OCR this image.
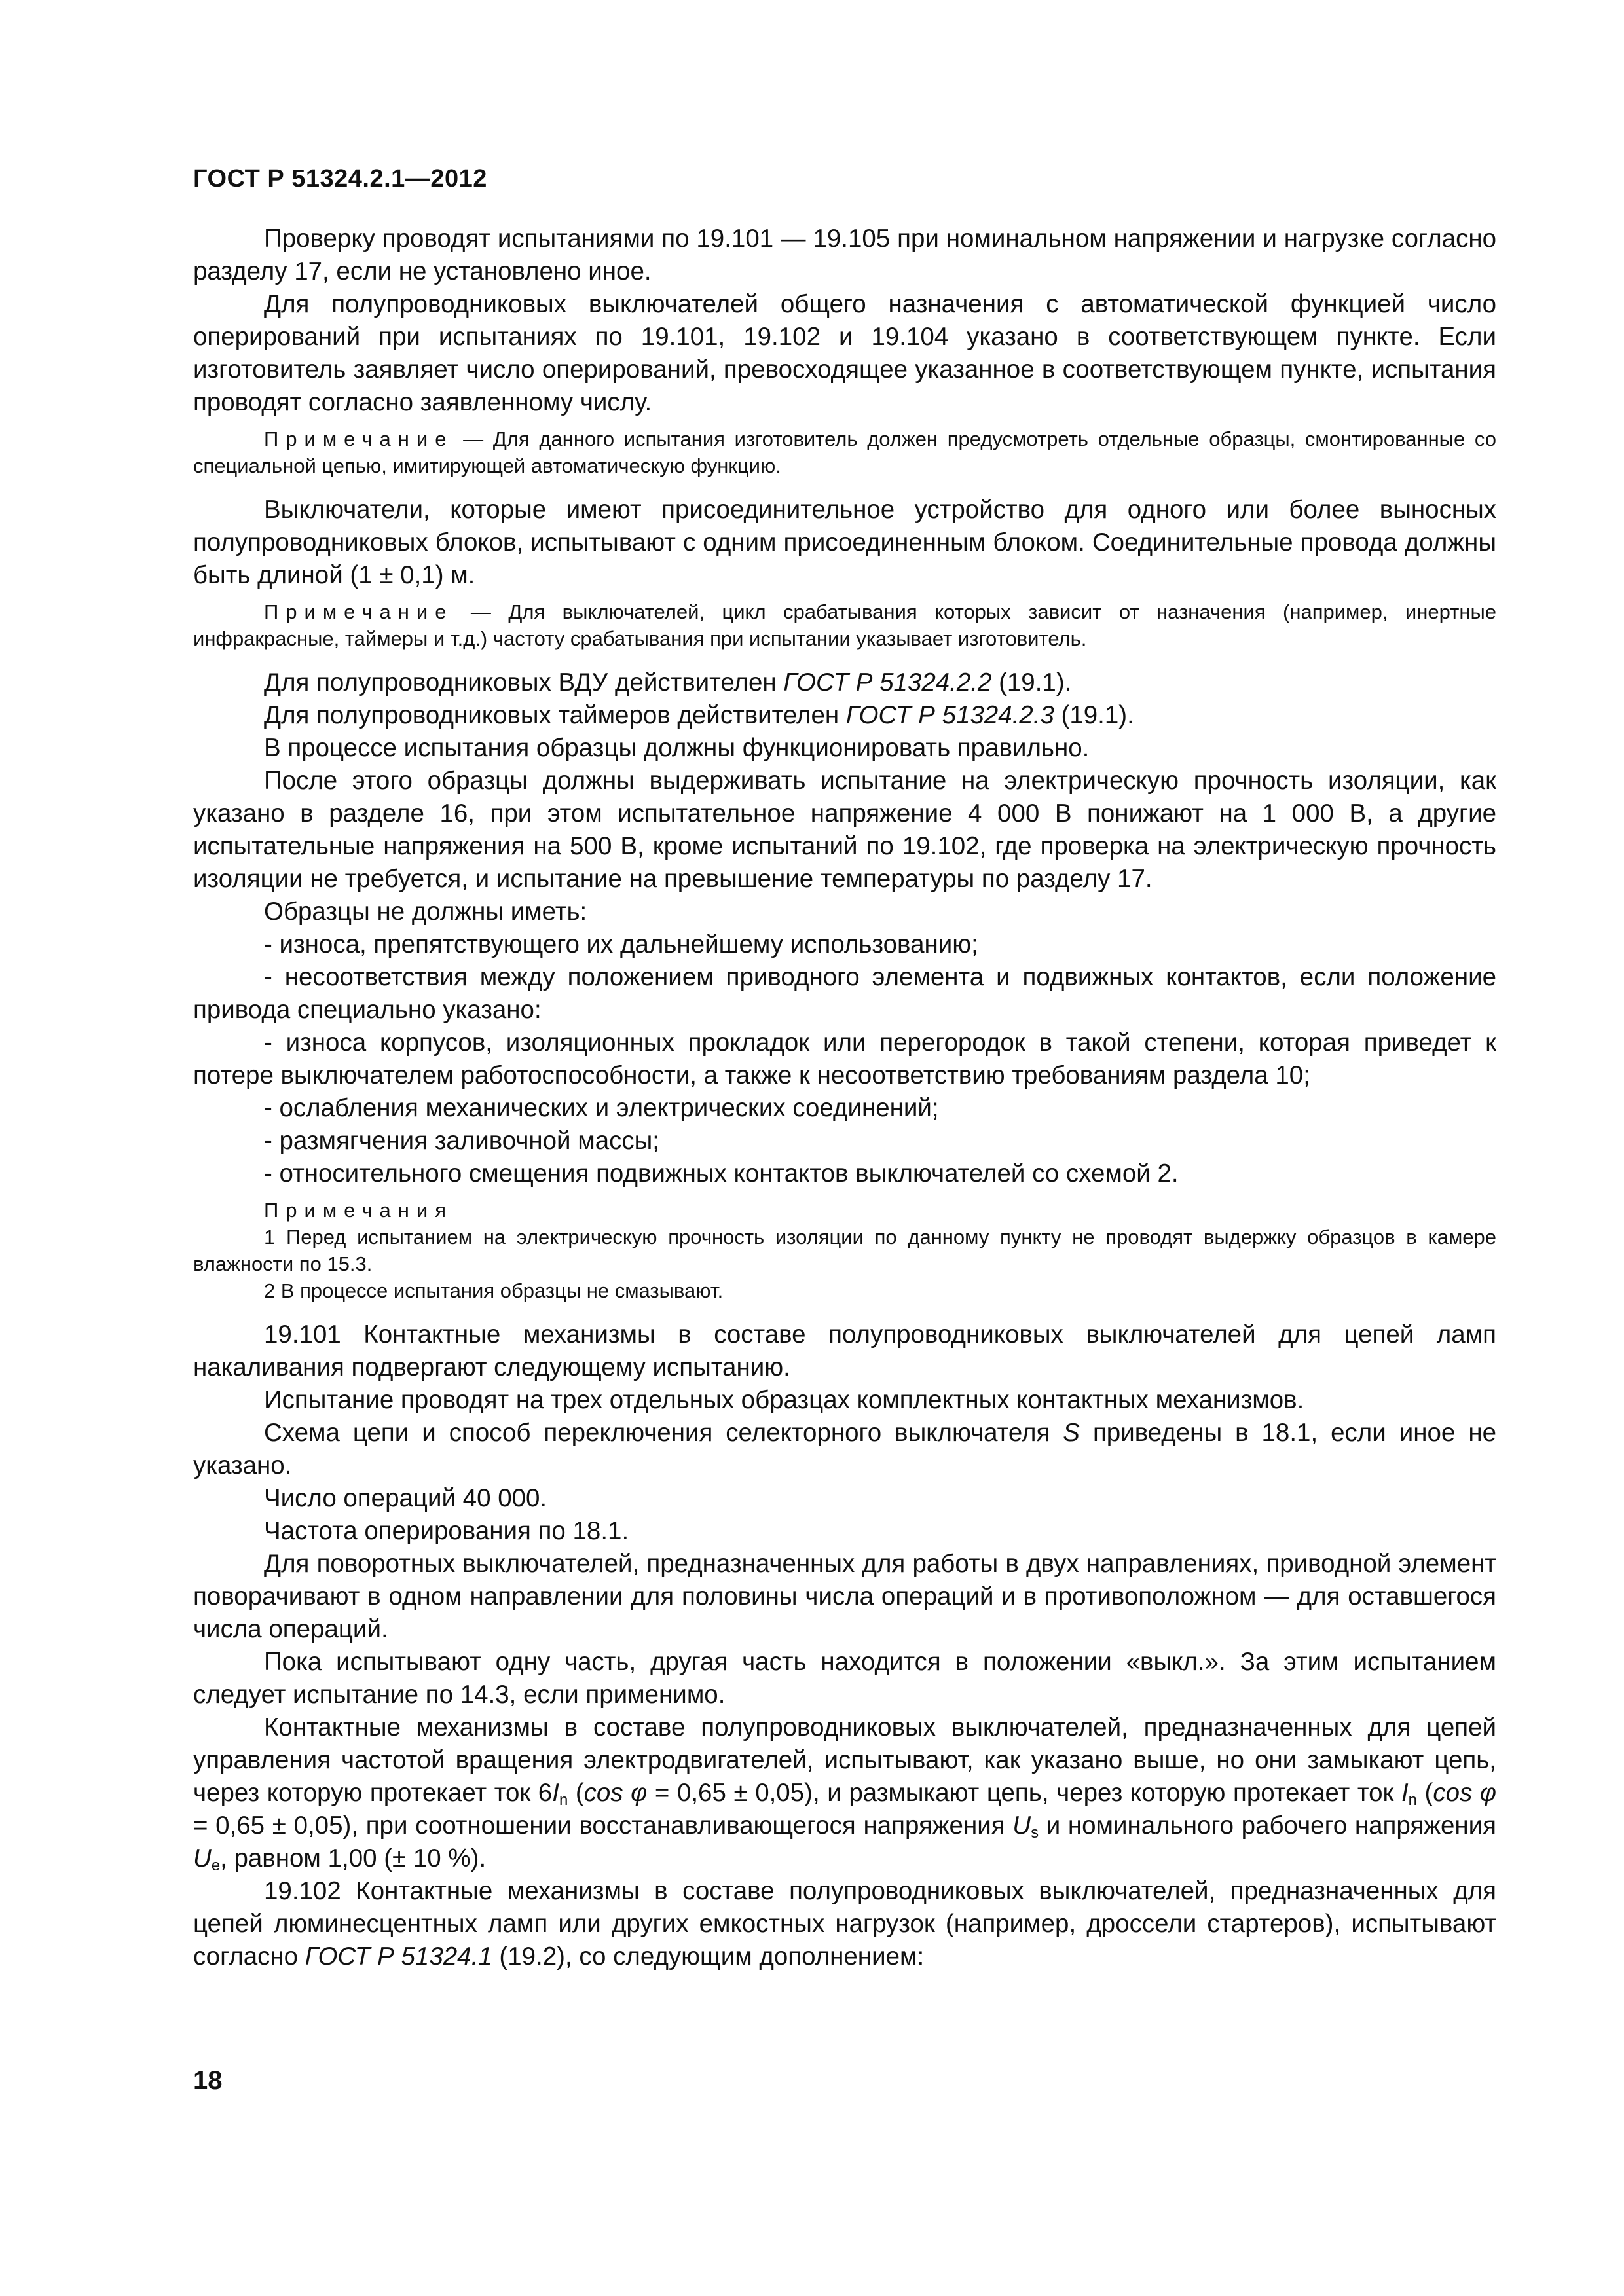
ГОСТ Р 51324.2.1—2012

Проверку проводят испытаниями по 19.101 — 19.105 при номинальном напряжении и нагрузке согласно разделу 17, если не установлено иное.

Для полупроводниковых выключателей общего назначения с автоматической функцией число оперирований при испытаниях по 19.101, 19.102 и 19.104 указано в соответствующем пункте. Если изготовитель заявляет число оперирований, превосходящее указанное в соответствующем пункте, испытания проводят согласно заявленному числу.

Примечание — Для данного испытания изготовитель должен предусмотреть отдельные образцы, смонтированные со специальной цепью, имитирующей автоматическую функцию.

Выключатели, которые имеют присоединительное устройство для одного или более выносных полупроводниковых блоков, испытывают с одним присоединенным блоком. Соединительные провода должны быть длиной (1 ± 0,1) м.

Примечание — Для выключателей, цикл срабатывания которых зависит от назначения (например, инертные инфракрасные, таймеры и т.д.) частоту срабатывания при испытании указывает изготовитель.

Для полупроводниковых ВДУ действителен ГОСТ Р 51324.2.2 (19.1).

Для полупроводниковых таймеров действителен ГОСТ Р 51324.2.3 (19.1).

В процессе испытания образцы должны функционировать правильно.

После этого образцы должны выдерживать испытание на электрическую прочность изоляции, как указано в разделе 16, при этом испытательное напряжение 4 000 В понижают на 1 000 В, а другие испытательные напряжения на 500 В, кроме испытаний по 19.102, где проверка на электрическую прочность изоляции не требуется, и испытание на превышение температуры по разделу 17.

Образцы не должны иметь:

- износа, препятствующего их дальнейшему использованию;

- несоответствия между положением приводного элемента и подвижных контактов, если положение привода специально указано:

- износа корпусов, изоляционных прокладок или перегородок в такой степени, которая приведет к потере выключателем работоспособности, а также к несоответствию требованиям раздела 10;

- ослабления механических и электрических соединений;

- размягчения заливочной массы;

- относительного смещения подвижных контактов выключателей со схемой 2.

Примечания

1 Перед испытанием на электрическую прочность изоляции по данному пункту не проводят выдержку образцов в камере влажности по 15.3.

2 В процессе испытания образцы не смазывают.

19.101 Контактные механизмы в составе полупроводниковых выключателей для цепей ламп накаливания подвергают следующему испытанию.

Испытание проводят на трех отдельных образцах комплектных контактных механизмов.

Схема цепи и способ переключения селекторного выключателя S приведены в 18.1, если иное не указано.

Число операций 40 000.

Частота оперирования по 18.1.

Для поворотных выключателей, предназначенных для работы в двух направлениях, приводной элемент поворачивают в одном направлении для половины числа операций и в противоположном — для оставшегося числа операций.

Пока испытывают одну часть, другая часть находится в положении «выкл.». За этим испытанием следует испытание по 14.3, если применимо.

Контактные механизмы в составе полупроводниковых выключателей, предназначенных для цепей управления частотой вращения электродвигателей, испытывают, как указано выше, но они замыкают цепь, через которую протекает ток $6I_n$ (cos φ = 0,65 ± 0,05), и размыкают цепь, через которую протекает ток $I_n$ (cos φ = 0,65 ± 0,05), при соотношении восстанавливающегося напряжения $U_s$ и номинального рабочего напряжения $U_e$, равном 1,00 (± 10 %).

19.102 Контактные механизмы в составе полупроводниковых выключателей, предназначенных для цепей люминесцентных ламп или других емкостных нагрузок (например, дроссели стартеров), испытывают согласно ГОСТ Р 51324.1 (19.2), со следующим дополнением:

18
